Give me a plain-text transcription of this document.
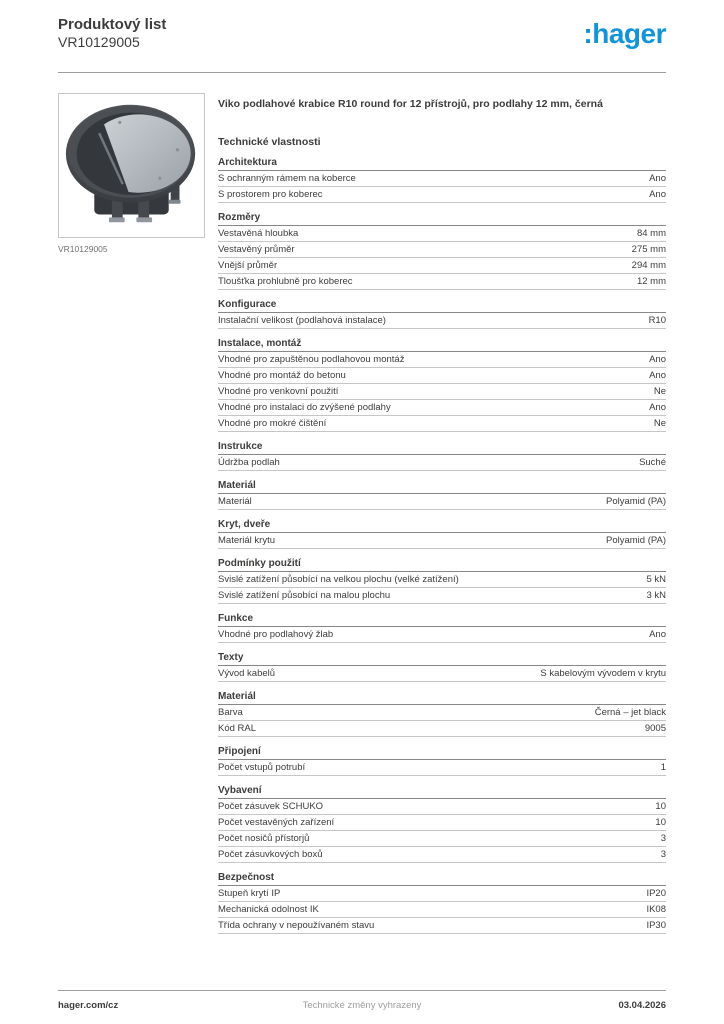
Produktový list
VR10129005	:hager
VR10129005
Viko podlahové krabice R10 round for 12 přístrojů, pro podlahy 12 mm, černá
Technické vlastnosti
Architektura
S ochranným rámem na koberce	Ano
S prostorem pro koberec	Ano
Rozměry
Vestavěná hloubka	84 mm
Vestavěný průměr	275 mm
Vnější průměr	294 mm
Tloušťka prohlubně pro koberec	12 mm
Konfigurace
Instalační velikost (podlahová instalace)	R10
Instalace, montáž
Vhodné pro zapuštěnou podlahovou montáž	Ano
Vhodné pro montáž do betonu	Ano
Vhodné pro venkovní použití	Ne
Vhodné pro instalaci do zvýšené podlahy	Ano
Vhodné pro mokré čištění	Ne
Instrukce
Údržba podlah	Suché
Materiál
Materiál	Polyamid (PA)
Kryt, dveře
Materiál krytu	Polyamid (PA)
Podmínky použití
Svislé zatížení působící na velkou plochu (velké zatížení)	5 kN
Svislé zatížení působící na malou plochu	3 kN
Funkce
Vhodné pro podlahový žlab	Ano
Texty
Vývod kabelů	S kabelovým vývodem v krytu
Materiál
Barva	Černá – jet black
Kód RAL	9005
Připojení
Počet vstupů potrubí	1
Vybavení
Počet zásuvek SCHUKO	10
Počet vestavěných zařízení	10
Počet nosičů přístorjů	3
Počet zásuvkových boxů	3
Bezpečnost
Stupeň krytí IP	IP20
Mechanická odolnost IK	IK08
Třída ochrany v nepoužívaném stavu	IP30
hager.com/cz	Technické změny vyhrazeny	03.04.2026
